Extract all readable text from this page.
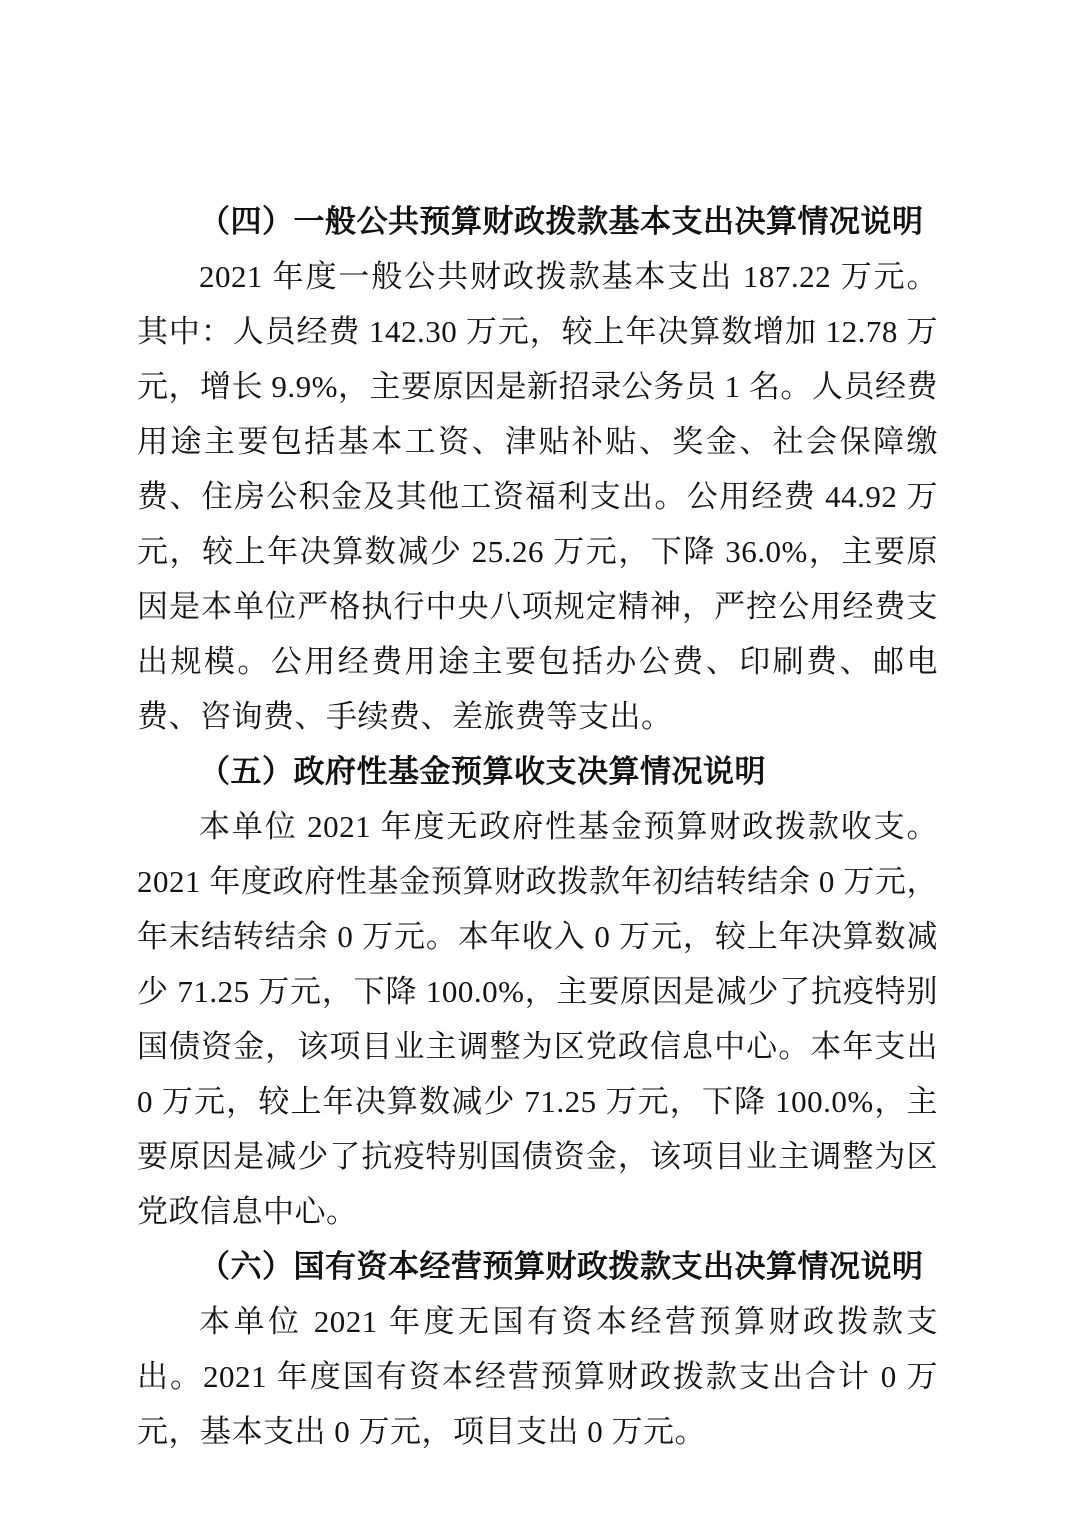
（四）一般公共预算财政拨款基本支出决算情况说明

2021 年度一般公共财政拨款基本支出 187.22 万元。其中：人员经费 142.30 万元，较上年决算数增加 12.78 万元，增长 9.9%，主要原因是新招录公务员 1 名。人员经费用途主要包括基本工资、津贴补贴、奖金、社会保障缴费、住房公积金及其他工资福利支出。公用经费 44.92 万元，较上年决算数减少 25.26 万元，下降 36.0%，主要原因是本单位严格执行中央八项规定精神，严控公用经费支出规模。公用经费用途主要包括办公费、印刷费、邮电费、咨询费、手续费、差旅费等支出。

（五）政府性基金预算收支决算情况说明

本单位 2021 年度无政府性基金预算财政拨款收支。2021 年度政府性基金预算财政拨款年初结转结余 0 万元，年末结转结余 0 万元。本年收入 0 万元，较上年决算数减少 71.25 万元，下降 100.0%，主要原因是减少了抗疫特别国债资金，该项目业主调整为区党政信息中心。本年支出 0 万元，较上年决算数减少 71.25 万元，下降 100.0%，主要原因是减少了抗疫特别国债资金，该项目业主调整为区党政信息中心。

（六）国有资本经营预算财政拨款支出决算情况说明

本单位 2021 年度无国有资本经营预算财政拨款支出。2021 年度国有资本经营预算财政拨款支出合计 0 万元，基本支出 0 万元，项目支出 0 万元。
